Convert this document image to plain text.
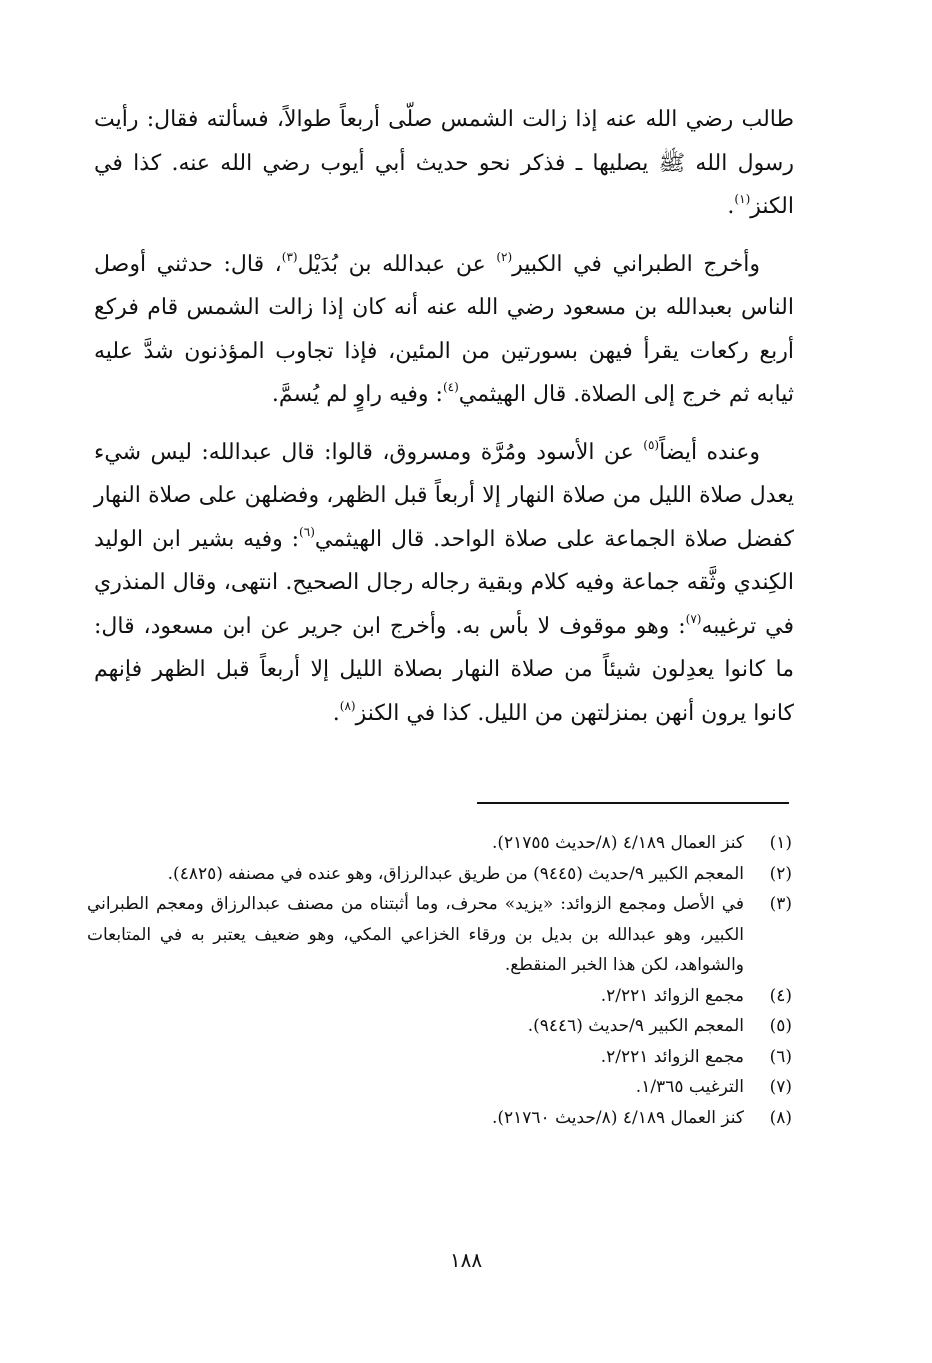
طالب رضي الله عنه إذا زالت الشمس صلّى أربعاً طوالاً، فسألته فقال: رأيت رسول الله ﷺ يصليها ـ فذكر نحو حديث أبي أيوب رضي الله عنه. كذا في الكنز$^{(١)}$.

وأخرج الطبراني في الكبير$^{(٢)}$ عن عبدالله بن بُدَيْل$^{(٣)}$، قال: حدثني أوصل الناس بعبدالله بن مسعود رضي الله عنه أنه كان إذا زالت الشمس قام فركع أربع ركعات يقرأ فيهن بسورتين من المئين، فإذا تجاوب المؤذنون شدَّ عليه ثيابه ثم خرج إلى الصلاة. قال الهيثمي$^{(٤)}$: وفيه راوٍ لم يُسمَّ.

وعنده أيضاً$^{(٥)}$ عن الأسود ومُرَّة ومسروق، قالوا: قال عبدالله: ليس شيء يعدل صلاة الليل من صلاة النهار إلا أربعاً قبل الظهر، وفضلهن على صلاة النهار كفضل صلاة الجماعة على صلاة الواحد. قال الهيثمي$^{(٦)}$: وفيه بشير ابن الوليد الكِندي وثَّقه جماعة وفيه كلام وبقية رجاله رجال الصحيح. انتهى، وقال المنذري في ترغيبه$^{(٧)}$: وهو موقوف لا بأس به. وأخرج ابن جرير عن ابن مسعود، قال: ما كانوا يعدِلون شيئاً من صلاة النهار بصلاة الليل إلا أربعاً قبل الظهر فإنهم كانوا يرون أنهن بمنزلتهن من الليل. كذا في الكنز$^{(٨)}$.

(١)
كنز العمال ٤/١٨٩ (٨/حديث ٢١٧٥٥).
(٢)
المعجم الكبير ٩/حديث (٩٤٤٥) من طريق عبدالرزاق، وهو عنده في مصنفه (٤٨٢٥).
(٣)
في الأصل ومجمع الزوائد: «يزيد» محرف، وما أثبتناه من مصنف عبدالرزاق ومعجم الطبراني الكبير، وهو عبدالله بن بديل بن ورقاء الخزاعي المكي، وهو ضعيف يعتبر به في المتابعات والشواهد، لكن هذا الخبر المنقطع.
(٤)
مجمع الزوائد ٢/٢٢١.
(٥)
المعجم الكبير ٩/حديث (٩٤٤٦).
(٦)
مجمع الزوائد ٢/٢٢١.
(٧)
الترغيب ١/٣٦٥.
(٨)
كنز العمال ٤/١٨٩ (٨/حديث ٢١٧٦٠).
١٨٨
